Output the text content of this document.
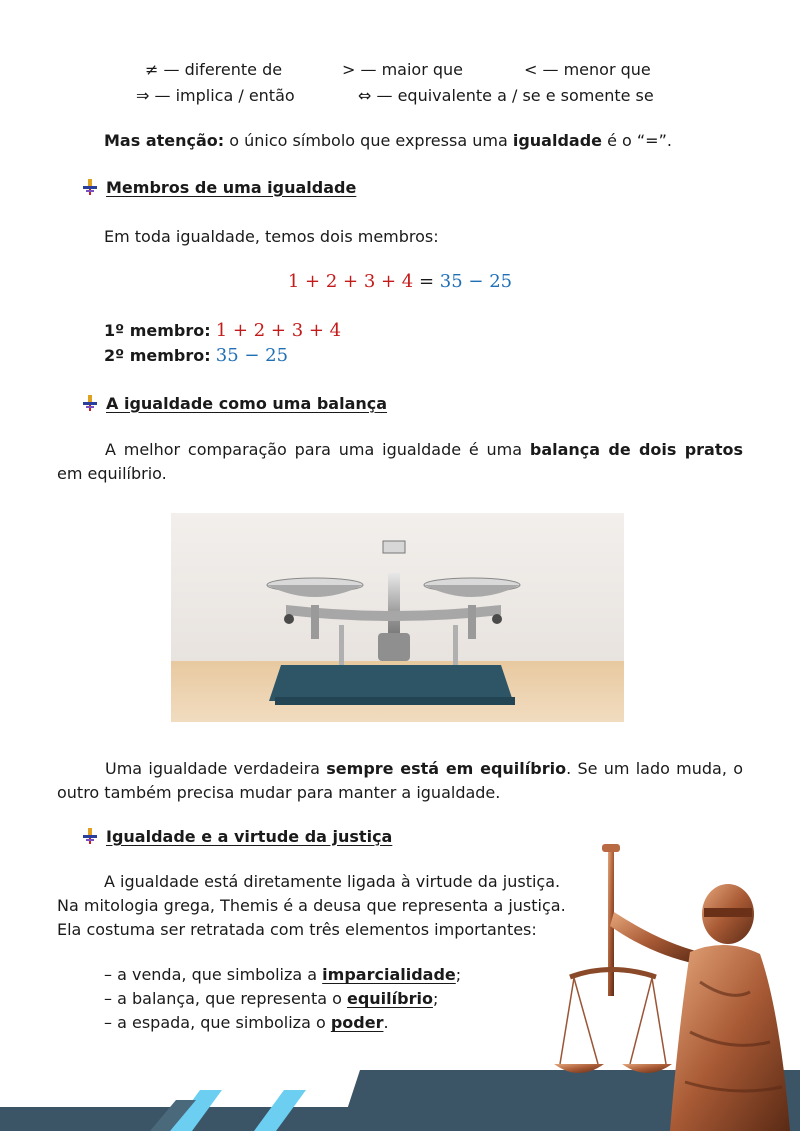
≠ — diferente de	> — maior que	< — menor que
⇒ — implica / então	⇔ — equivalente a / se e somente se
Mas atenção: o único símbolo que expressa uma igualdade é o “=”.
Membros de uma igualdade
Em toda igualdade, temos dois membros:
1 + 2 + 3 + 4 = 35 − 25
1º membro: 1 + 2 + 3 + 4
2º membro: 35 − 25
A igualdade como uma balança
A melhor comparação para uma igualdade é uma balança de dois pratos em equilíbrio.
Uma igualdade verdadeira sempre está em equilíbrio. Se um lado muda, o outro também precisa mudar para manter a igualdade.
Igualdade e a virtude da justiça
A igualdade está diretamente ligada à virtude da justiça.
Na mitologia grega, Themis é a deusa que representa a justiça.
Ela costuma ser retratada com três elementos importantes:
– a venda, que simboliza a imparcialidade;
– a balança, que representa o equilíbrio;
– a espada, que simboliza o poder.
